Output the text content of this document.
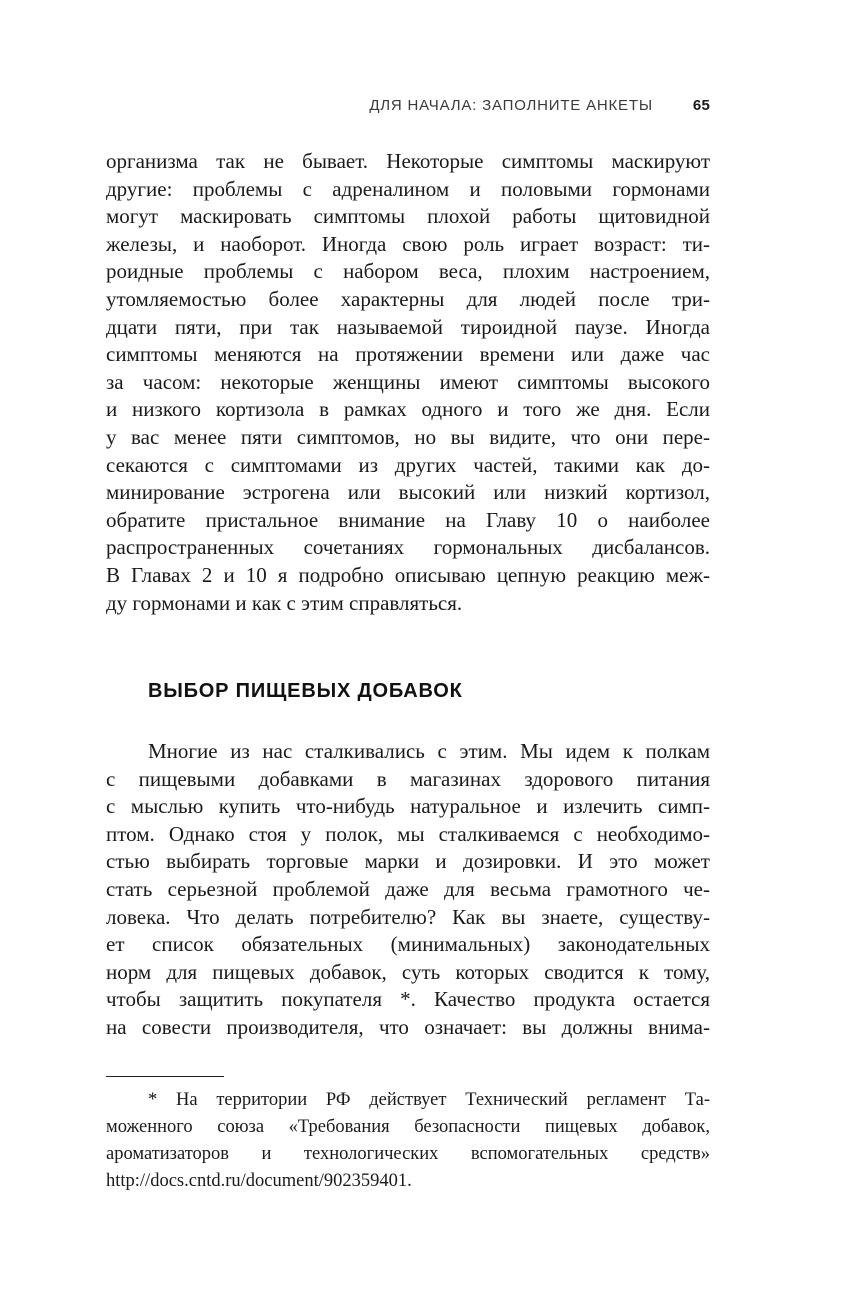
ДЛЯ НАЧАЛА: ЗАПОЛНИТЕ АНКЕТЫ	65
организма так не бывает. Некоторые симптомы маскируют
другие: проблемы с адреналином и половыми гормонами
могут маскировать симптомы плохой работы щитовидной
железы, и наоборот. Иногда свою роль играет возраст: ти-
роидные проблемы с набором веса, плохим настроением,
утомляемостью более характерны для людей после три-
дцати пяти, при так называемой тироидной паузе. Иногда
симптомы меняются на протяжении времени или даже час
за часом: некоторые женщины имеют симптомы высокого
и низкого кортизола в рамках одного и того же дня. Если
у вас менее пяти симптомов, но вы видите, что они пере-
секаются с симптомами из других частей, такими как до-
минирование эстрогена или высокий или низкий кортизол,
обратите пристальное внимание на Главу 10 о наиболее
распространенных сочетаниях гормональных дисбалансов.
В Главах 2 и 10 я подробно описываю цепную реакцию меж-
ду гормонами и как с этим справляться.
ВЫБОР ПИЩЕВЫХ ДОБАВОК
Многие из нас сталкивались с этим. Мы идем к полкам
с пищевыми добавками в магазинах здорового питания
с мыслью купить что-нибудь натуральное и излечить симп-
птом. Однако стоя у полок, мы сталкиваемся с необходимо-
стью выбирать торговые марки и дозировки. И это может
стать серьезной проблемой даже для весьма грамотного че-
ловека. Что делать потребителю? Как вы знаете, существу-
ет список обязательных (минимальных) законодательных
норм для пищевых добавок, суть которых сводится к тому,
чтобы защитить покупателя *. Качество продукта остается
на совести производителя, что означает: вы должны внима-
* На территории РФ действует Технический регламент Та-
моженного союза «Требования безопасности пищевых добавок,
ароматизаторов и технологических вспомогательных средств»
http://docs.cntd.ru/document/902359401.
